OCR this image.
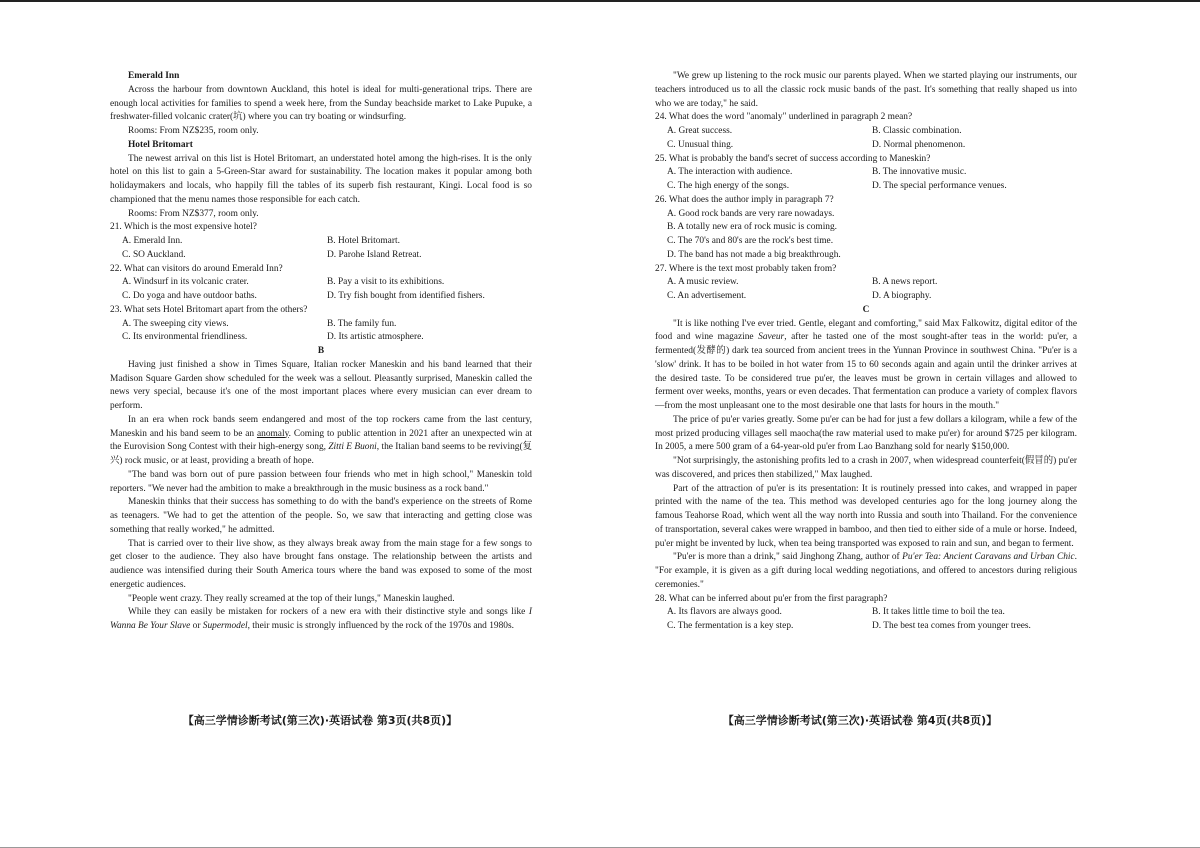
Emerald Inn
Across the harbour from downtown Auckland, this hotel is ideal for multi-generational trips. There are enough local activities for families to spend a week here, from the Sunday beachside market to Lake Pupuke, a freshwater-filled volcanic crater(坑) where you can try boating or windsurfing.
Rooms: From NZ$235, room only.
Hotel Britomart
The newest arrival on this list is Hotel Britomart, an understated hotel among the high-rises. It is the only hotel on this list to gain a 5-Green-Star award for sustainability. The location makes it popular among both holidaymakers and locals, who happily fill the tables of its superb fish restaurant, Kingi. Local food is so championed that the menu names those responsible for each catch.
Rooms: From NZ$377, room only.
21. Which is the most expensive hotel?
A. Emerald Inn.	B. Hotel Britomart.
C. SO Auckland.	D. Parohe Island Retreat.
22. What can visitors do around Emerald Inn?
A. Windsurf in its volcanic crater.	B. Pay a visit to its exhibitions.
C. Do yoga and have outdoor baths.	D. Try fish bought from identified fishers.
23. What sets Hotel Britomart apart from the others?
A. The sweeping city views.	B. The family fun.
C. Its environmental friendliness.	D. Its artistic atmosphere.
B
Having just finished a show in Times Square, Italian rocker Maneskin and his band learned that their Madison Square Garden show scheduled for the week was a sellout. Pleasantly surprised, Maneskin called the news very special, because it's one of the most important places where every musician can ever dream to perform.
In an era when rock bands seem endangered and most of the top rockers came from the last century, Maneskin and his band seem to be an anomaly. Coming to public attention in 2021 after an unexpected win at the Eurovision Song Contest with their high-energy song, Zitti E Buoni, the Italian band seems to be reviving(复兴) rock music, or at least, providing a breath of hope.
"The band was born out of pure passion between four friends who met in high school," Maneskin told reporters. "We never had the ambition to make a breakthrough in the music business as a rock band."
Maneskin thinks that their success has something to do with the band's experience on the streets of Rome as teenagers. "We had to get the attention of the people. So, we saw that interacting and getting close was something that really worked," he admitted.
That is carried over to their live show, as they always break away from the main stage for a few songs to get closer to the audience. They also have brought fans onstage. The relationship between the artists and audience was intensified during their South America tours where the band was exposed to some of the most energetic audiences.
"People went crazy. They really screamed at the top of their lungs," Maneskin laughed.
While they can easily be mistaken for rockers of a new era with their distinctive style and songs like I Wanna Be Your Slave or Supermodel, their music is strongly influenced by the rock of the 1970s and 1980s.
【高三学情诊断考试(第三次)·英语试卷 第3页(共8页)】
"We grew up listening to the rock music our parents played. When we started playing our instruments, our teachers introduced us to all the classic rock music bands of the past. It's something that really shaped us into who we are today," he said.
24. What does the word "anomaly" underlined in paragraph 2 mean?
A. Great success.	B. Classic combination.
C. Unusual thing.	D. Normal phenomenon.
25. What is probably the band's secret of success according to Maneskin?
A. The interaction with audience.	B. The innovative music.
C. The high energy of the songs.	D. The special performance venues.
26. What does the author imply in paragraph 7?
A. Good rock bands are very rare nowadays.
B. A totally new era of rock music is coming.
C. The 70's and 80's are the rock's best time.
D. The band has not made a big breakthrough.
27. Where is the text most probably taken from?
A. A music review.	B. A news report.
C. An advertisement.	D. A biography.
C
"It is like nothing I've ever tried. Gentle, elegant and comforting," said Max Falkowitz, digital editor of the food and wine magazine Saveur, after he tasted one of the most sought-after teas in the world: pu'er, a fermented(发酵的) dark tea sourced from ancient trees in the Yunnan Province in southwest China. "Pu'er is a 'slow' drink. It has to be boiled in hot water from 15 to 60 seconds again and again until the drinker arrives at the desired taste. To be considered true pu'er, the leaves must be grown in certain villages and allowed to ferment over weeks, months, years or even decades. That fermentation can produce a variety of complex flavors—from the most unpleasant one to the most desirable one that lasts for hours in the mouth."
The price of pu'er varies greatly. Some pu'er can be had for just a few dollars a kilogram, while a few of the most prized producing villages sell maocha(the raw material used to make pu'er) for around $725 per kilogram. In 2005, a mere 500 gram of a 64-year-old pu'er from Lao Banzhang sold for nearly $150,000.
"Not surprisingly, the astonishing profits led to a crash in 2007, when widespread counterfeit(假冒的) pu'er was discovered, and prices then stabilized," Max laughed.
Part of the attraction of pu'er is its presentation: It is routinely pressed into cakes, and wrapped in paper printed with the name of the tea. This method was developed centuries ago for the long journey along the famous Teahorse Road, which went all the way north into Russia and south into Thailand. For the convenience of transportation, several cakes were wrapped in bamboo, and then tied to either side of a mule or horse. Indeed, pu'er might be invented by luck, when tea being transported was exposed to rain and sun, and began to ferment.
"Pu'er is more than a drink," said Jinghong Zhang, author of Pu'er Tea: Ancient Caravans and Urban Chic. "For example, it is given as a gift during local wedding negotiations, and offered to ancestors during religious ceremonies."
28. What can be inferred about pu'er from the first paragraph?
A. Its flavors are always good.	B. It takes little time to boil the tea.
C. The fermentation is a key step.	D. The best tea comes from younger trees.
【高三学情诊断考试(第三次)·英语试卷 第4页(共8页)】
